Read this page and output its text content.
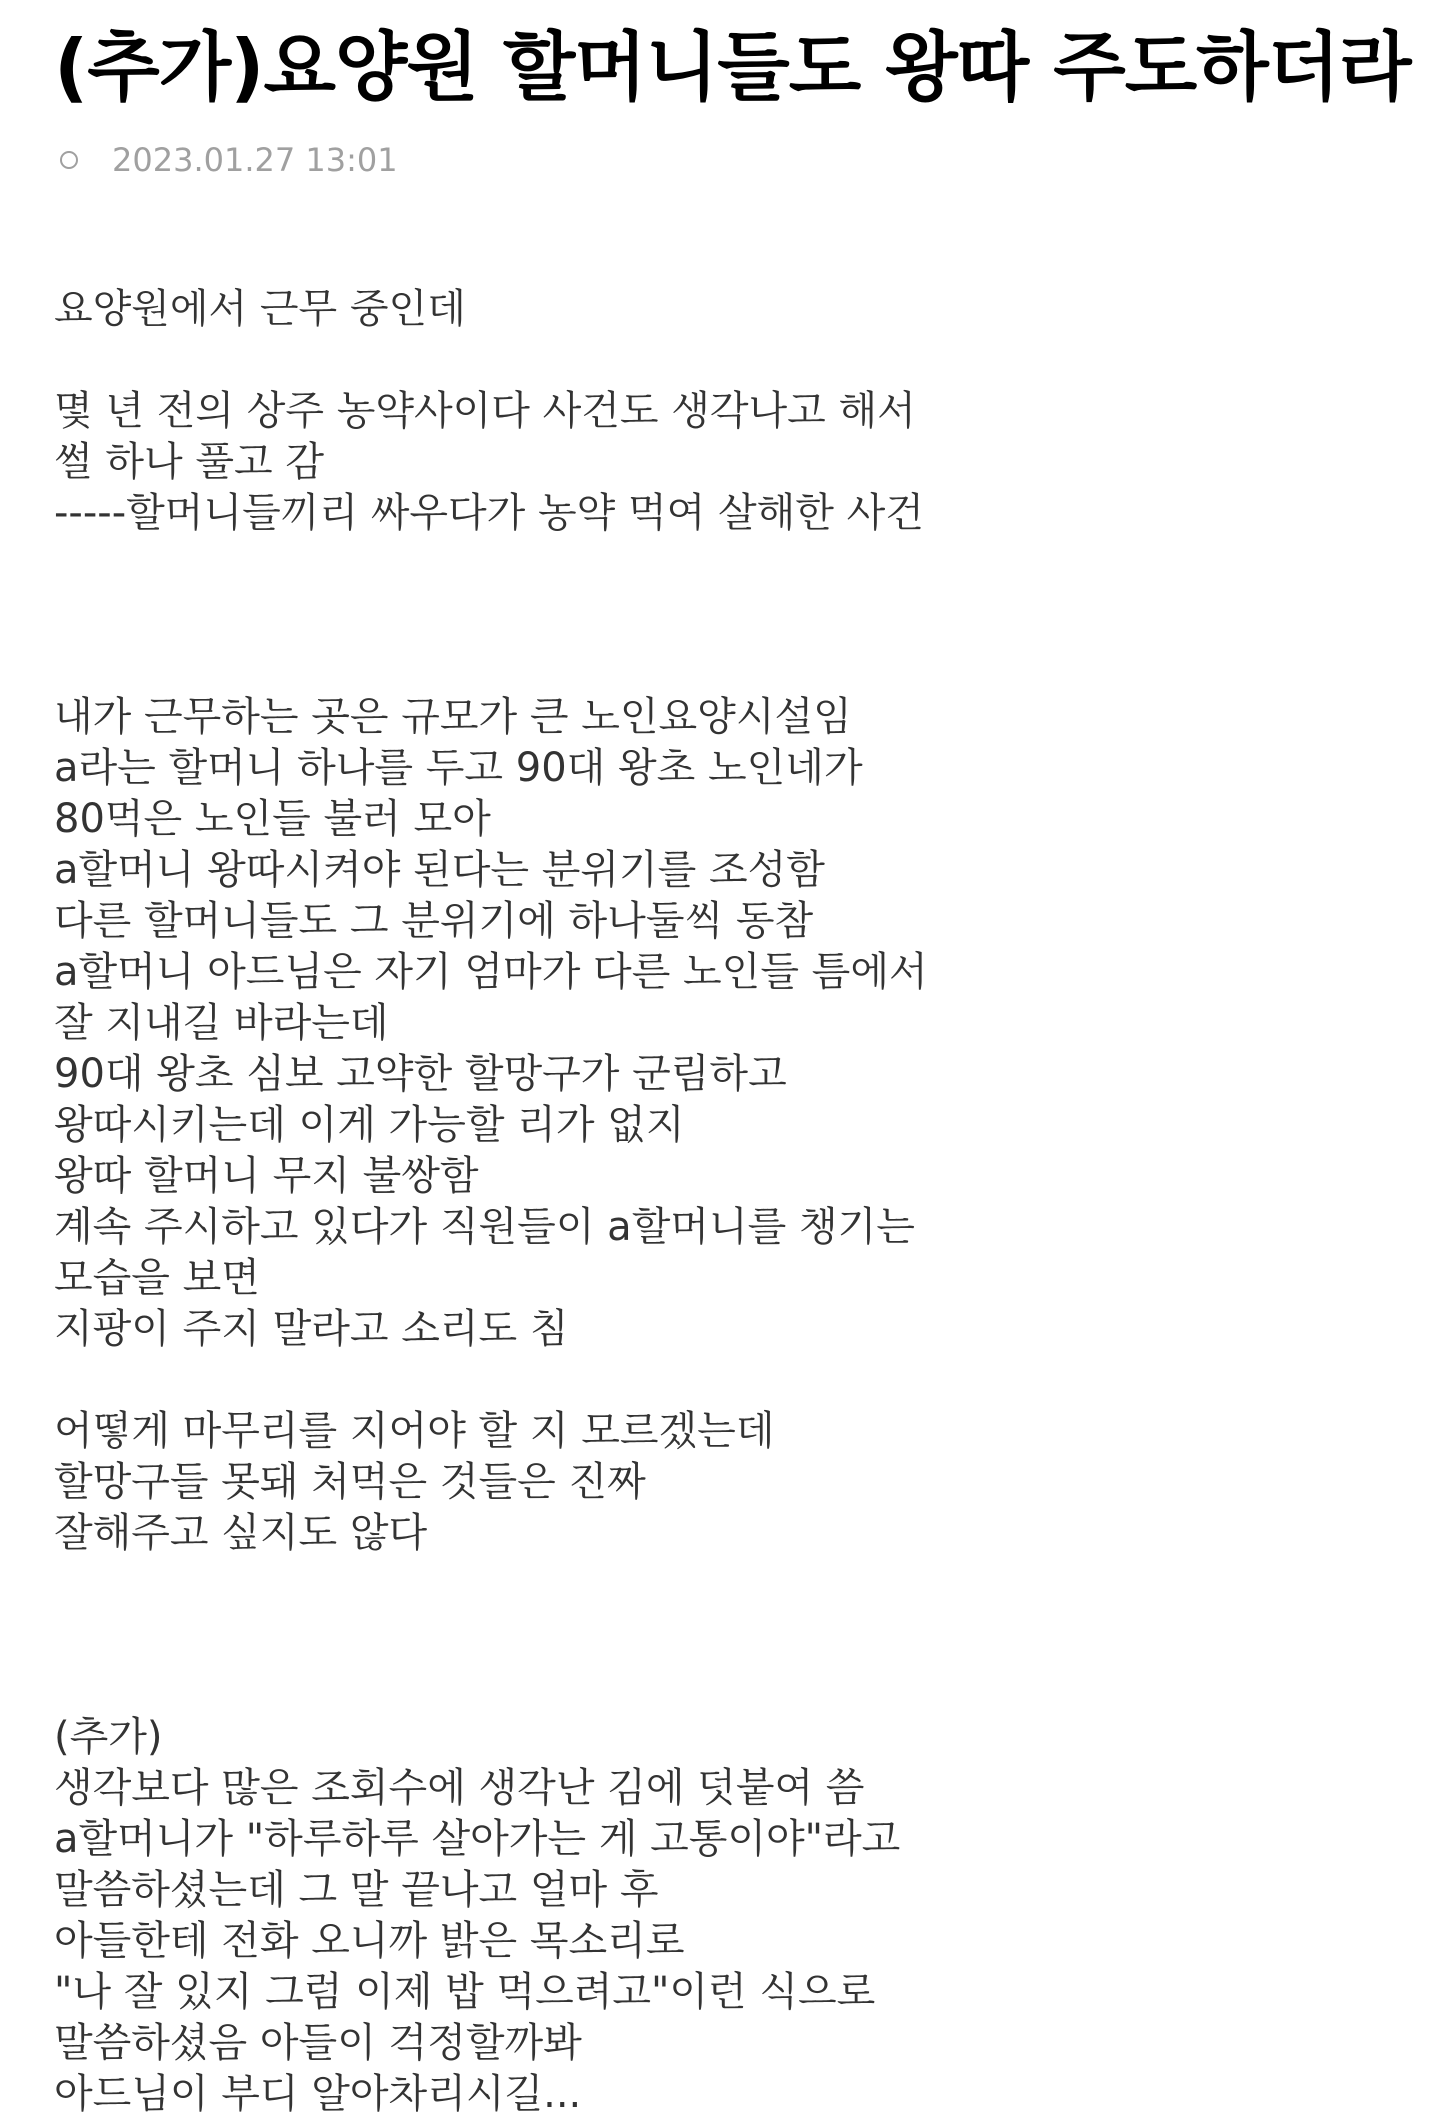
(추가)요양원 할머니들도 왕따 주도하더라
2023.01.27 13:01
요양원에서 근무 중인데
몇 년 전의 상주 농약사이다 사건도 생각나고 해서
썰 하나 풀고 감
-----할머니들끼리 싸우다가 농약 먹여 살해한 사건
내가 근무하는 곳은 규모가 큰 노인요양시설임
a라는 할머니 하나를 두고 90대 왕초 노인네가
80먹은 노인들 불러 모아
a할머니 왕따시켜야 된다는 분위기를 조성함
다른 할머니들도 그 분위기에 하나둘씩 동참
a할머니 아드님은 자기 엄마가 다른 노인들 틈에서
잘 지내길 바라는데
90대 왕초 심보 고약한 할망구가 군림하고
왕따시키는데 이게 가능할 리가 없지
왕따 할머니 무지 불쌍함
계속 주시하고 있다가 직원들이 a할머니를 챙기는
모습을 보면
지팡이 주지 말라고 소리도 침
어떻게 마무리를 지어야 할 지 모르겠는데
할망구들 못돼 처먹은 것들은 진짜
잘해주고 싶지도 않다
(추가)
생각보다 많은 조회수에 생각난 김에 덧붙여 씀
a할머니가 "하루하루 살아가는 게 고통이야"라고
말씀하셨는데 그 말 끝나고 얼마 후
아들한테 전화 오니까 밝은 목소리로
"나 잘 있지 그럼 이제 밥 먹으려고"이런 식으로
말씀하셨음 아들이 걱정할까봐
아드님이 부디 알아차리시길...
